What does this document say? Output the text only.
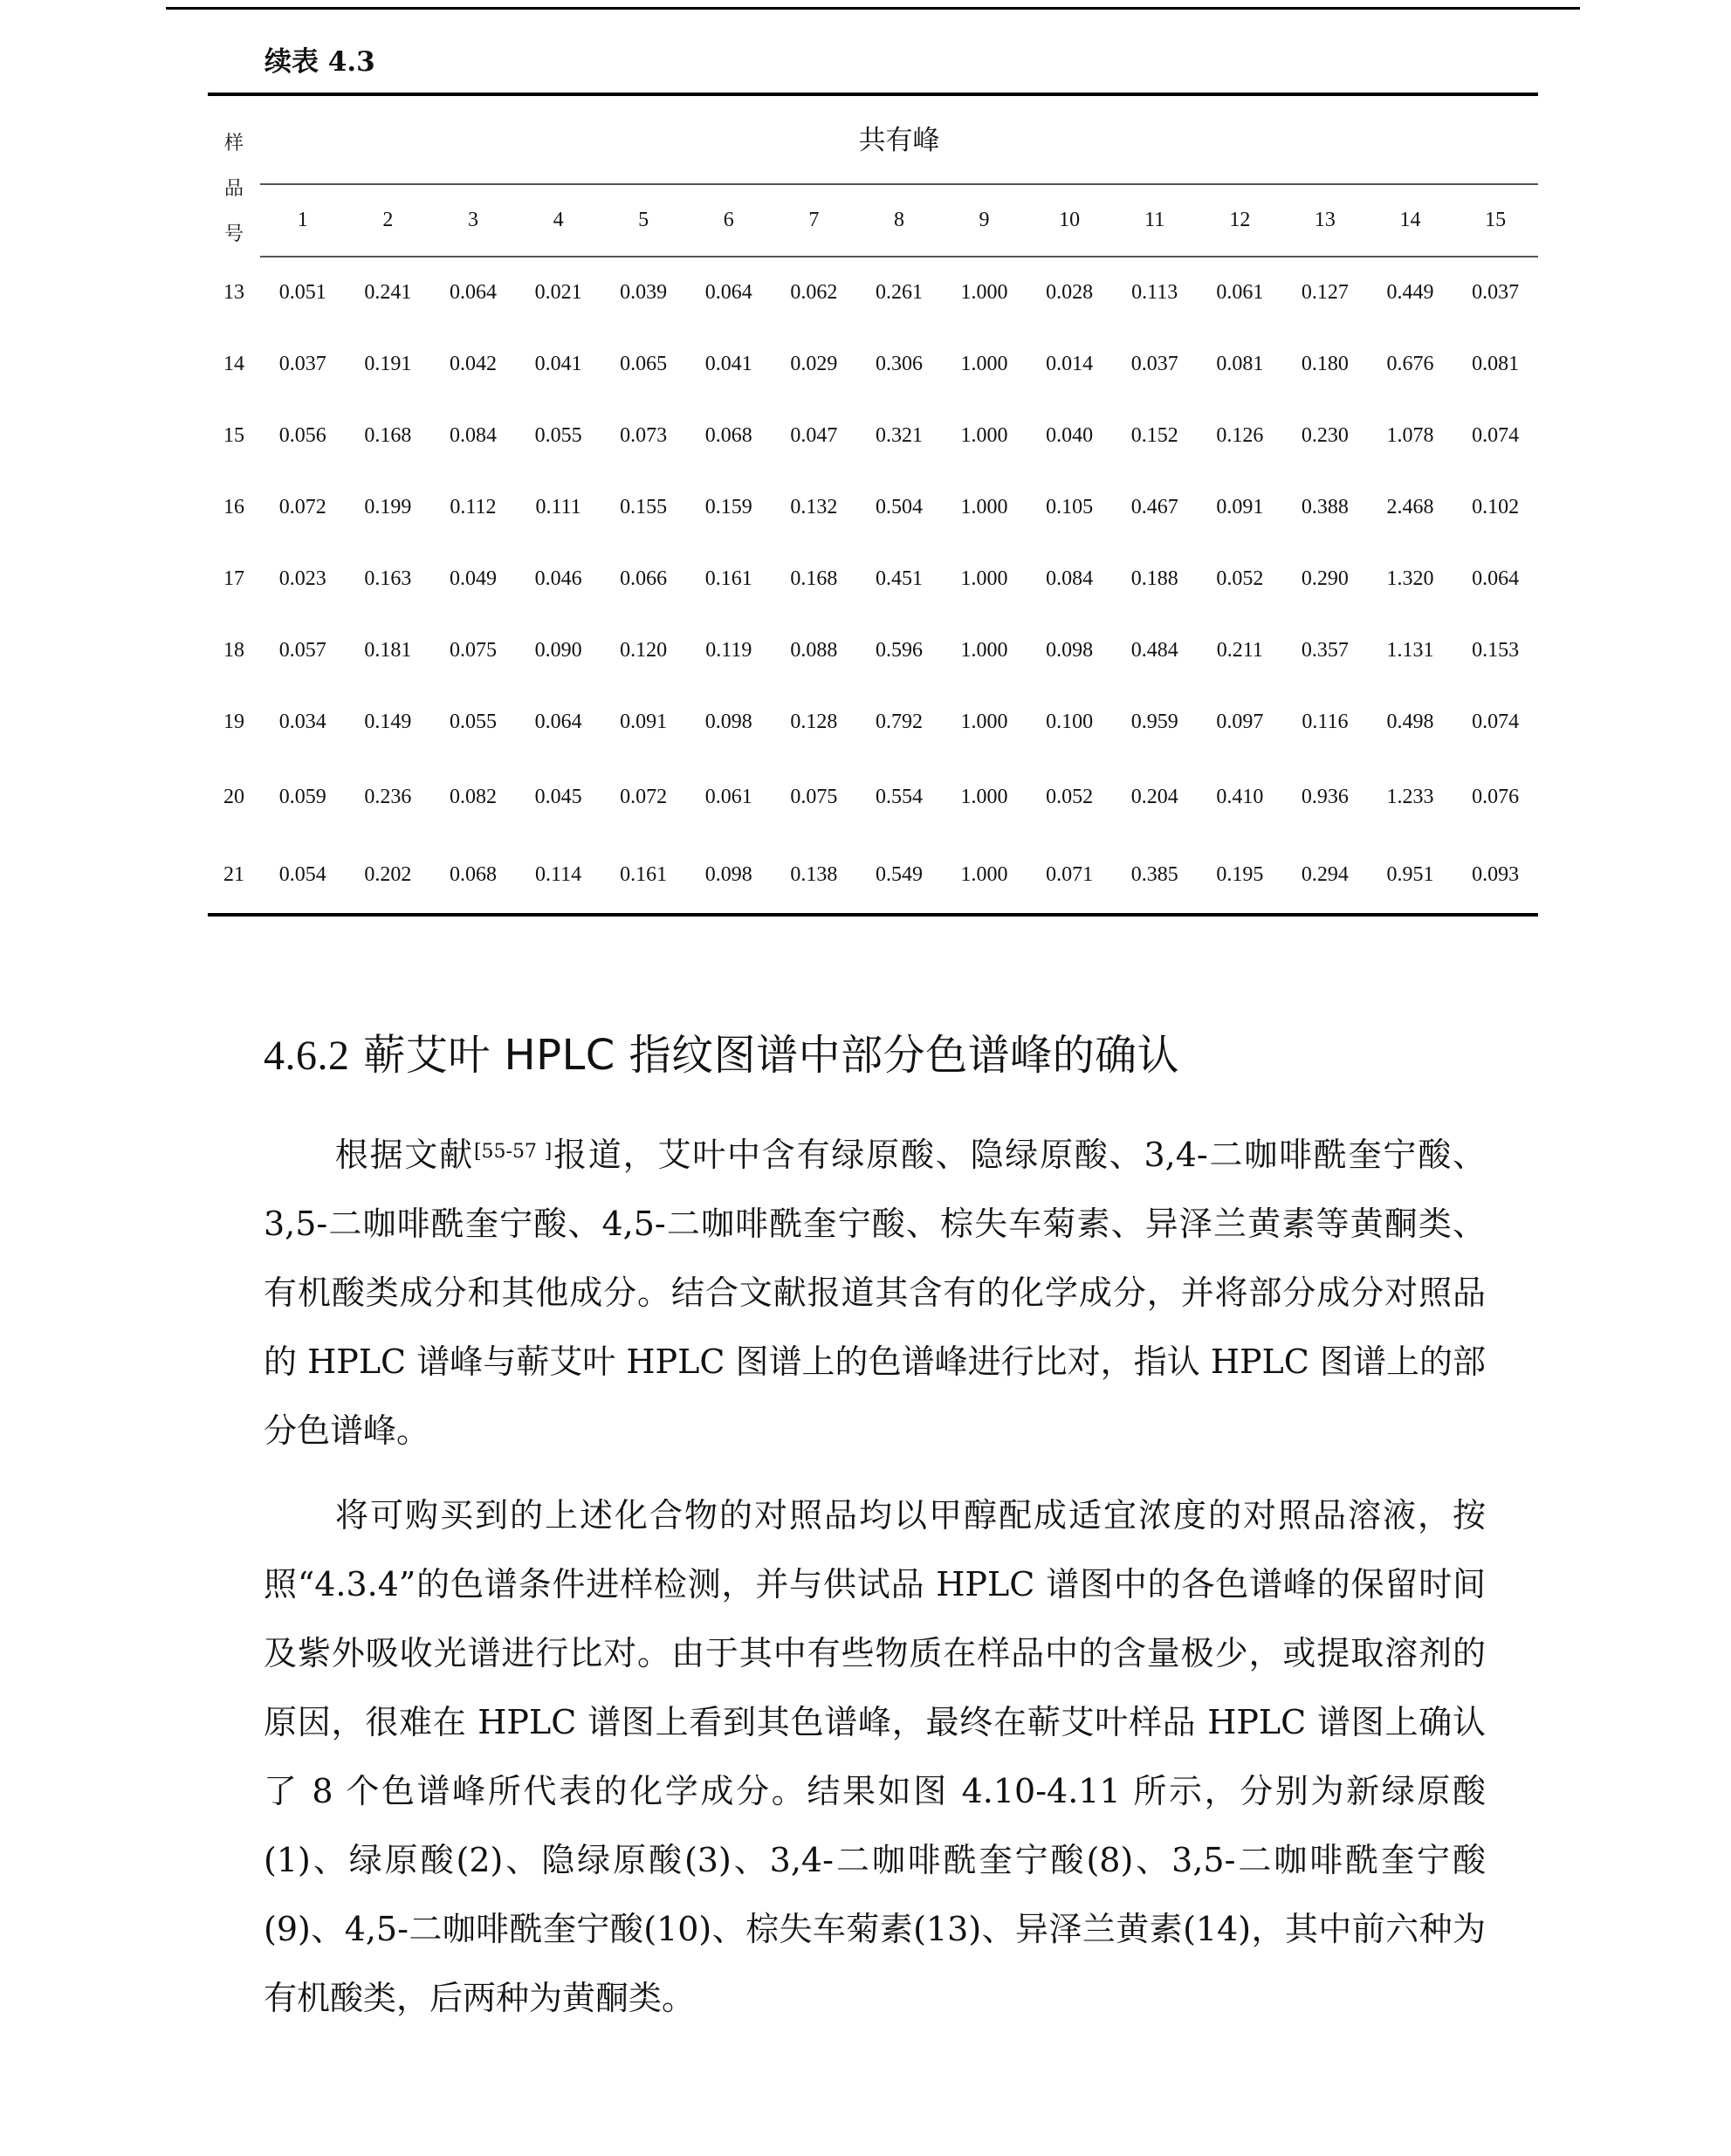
续表 4.3
样
品
号	共有峰														
	1	2	3	4	5	6	7	8	9	10	11	12	13	14	15
13	0.051	0.241	0.064	0.021	0.039	0.064	0.062	0.261	1.000	0.028	0.113	0.061	0.127	0.449	0.037
14	0.037	0.191	0.042	0.041	0.065	0.041	0.029	0.306	1.000	0.014	0.037	0.081	0.180	0.676	0.081
15	0.056	0.168	0.084	0.055	0.073	0.068	0.047	0.321	1.000	0.040	0.152	0.126	0.230	1.078	0.074
16	0.072	0.199	0.112	0.111	0.155	0.159	0.132	0.504	1.000	0.105	0.467	0.091	0.388	2.468	0.102
17	0.023	0.163	0.049	0.046	0.066	0.161	0.168	0.451	1.000	0.084	0.188	0.052	0.290	1.320	0.064
18	0.057	0.181	0.075	0.090	0.120	0.119	0.088	0.596	1.000	0.098	0.484	0.211	0.357	1.131	0.153
19	0.034	0.149	0.055	0.064	0.091	0.098	0.128	0.792	1.000	0.100	0.959	0.097	0.116	0.498	0.074
20	0.059	0.236	0.082	0.045	0.072	0.061	0.075	0.554	1.000	0.052	0.204	0.410	0.936	1.233	0.076
21	0.054	0.202	0.068	0.114	0.161	0.098	0.138	0.549	1.000	0.071	0.385	0.195	0.294	0.951	0.093
4.6.2 蕲艾叶 HPLC 指纹图谱中部分色谱峰的确认
根据文献[55-57 ]报道，艾叶中含有绿原酸、隐绿原酸、3,4-二咖啡酰奎宁酸、3,5-二咖啡酰奎宁酸、4,5-二咖啡酰奎宁酸、棕失车菊素、异泽兰黄素等黄酮类、有机酸类成分和其他成分。结合文献报道其含有的化学成分，并将部分成分对照品的 HPLC 谱峰与蕲艾叶 HPLC 图谱上的色谱峰进行比对，指认 HPLC 图谱上的部分色谱峰。
将可购买到的上述化合物的对照品均以甲醇配成适宜浓度的对照品溶液，按照“4.3.4”的色谱条件进样检测，并与供试品 HPLC 谱图中的各色谱峰的保留时间及紫外吸收光谱进行比对。由于其中有些物质在样品中的含量极少，或提取溶剂的原因，很难在 HPLC 谱图上看到其色谱峰，最终在蕲艾叶样品 HPLC 谱图上确认了 8 个色谱峰所代表的化学成分。结果如图 4.10-4.11 所示，分别为新绿原酸(1)、绿原酸(2)、隐绿原酸(3)、3,4-二咖啡酰奎宁酸(8)、3,5-二咖啡酰奎宁酸(9)、4,5-二咖啡酰奎宁酸(10)、棕失车菊素(13)、异泽兰黄素(14)，其中前六种为有机酸类，后两种为黄酮类。
